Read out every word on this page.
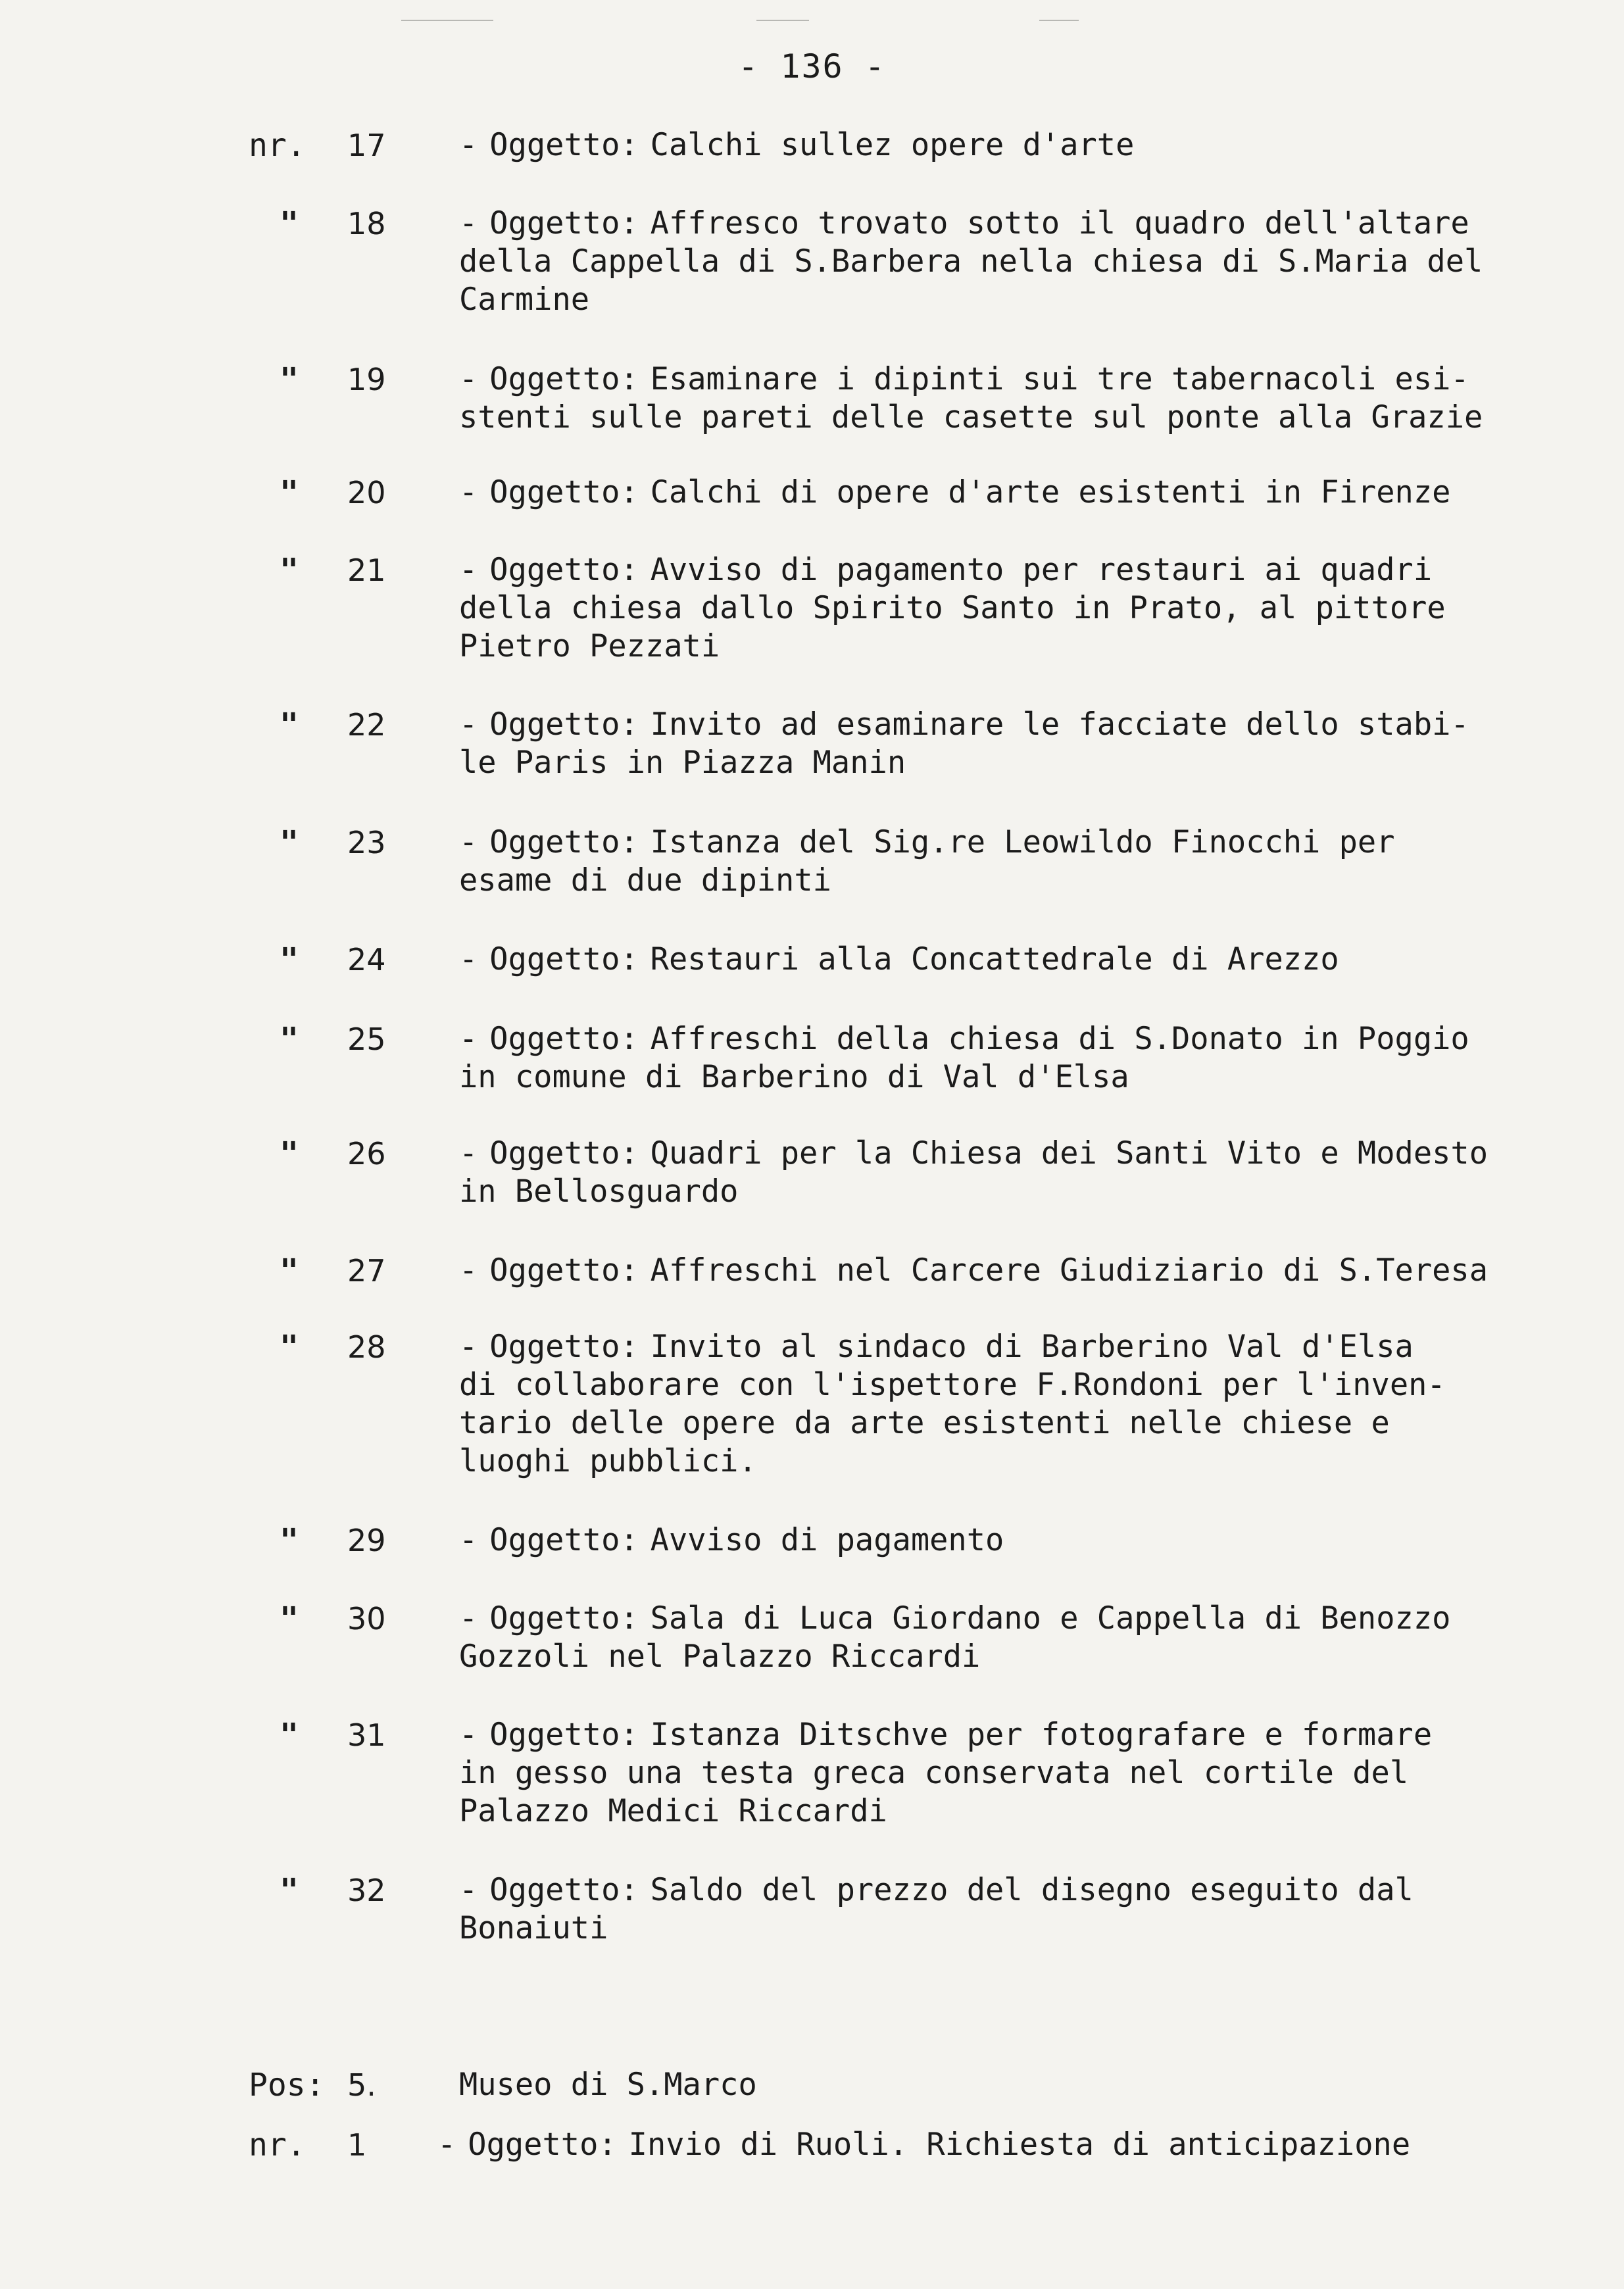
- 136 -
nr.	17	- Oggetto: Calchi sullez opere d'arte
"	18	- Oggetto: Affresco trovato sotto il quadro dell'altare
della Cappella di S.Barbera nella chiesa di S.Maria del
Carmine
"	19	- Oggetto: Esaminare i dipinti sui tre tabernacoli esi-
stenti sulle pareti delle casette sul ponte alla Grazie
"	20	- Oggetto: Calchi di opere d'arte esistenti in Firenze
"	21	- Oggetto: Avviso di pagamento per restauri ai quadri
della chiesa dallo Spirito Santo in Prato, al pittore
Pietro Pezzati
"	22	- Oggetto: Invito ad esaminare le facciate dello stabi-
le Paris in Piazza Manin
"	23	- Oggetto: Istanza del Sig.re Leowildo Finocchi per
esame di due dipinti
"	24	- Oggetto: Restauri alla Concattedrale di Arezzo
"	25	- Oggetto: Affreschi della chiesa di S.Donato in Poggio
in comune di Barberino di Val d'Elsa
"	26	- Oggetto: Quadri per la Chiesa dei Santi Vito e Modesto
in Bellosguardo
"	27	- Oggetto: Affreschi nel Carcere Giudiziario di S.Teresa
"	28	- Oggetto: Invito al sindaco di Barberino Val d'Elsa
di collaborare con l'ispettore F.Rondoni per l'inven-
tario delle opere da arte esistenti nelle chiese e
luoghi pubblici.
"	29	- Oggetto: Avviso di pagamento
"	30	- Oggetto: Sala di Luca Giordano e Cappella di Benozzo
Gozzoli nel Palazzo Riccardi
"	31	- Oggetto: Istanza Ditschve per fotografare e formare
in gesso una testa greca conservata nel cortile del
Palazzo Medici Riccardi
"	32	- Oggetto: Saldo del prezzo del disegno eseguito dal
Bonaiuti
Pos: 5.	Museo di S.Marco
nr.	1	- Oggetto: Invio di Ruoli. Richiesta di anticipazione
